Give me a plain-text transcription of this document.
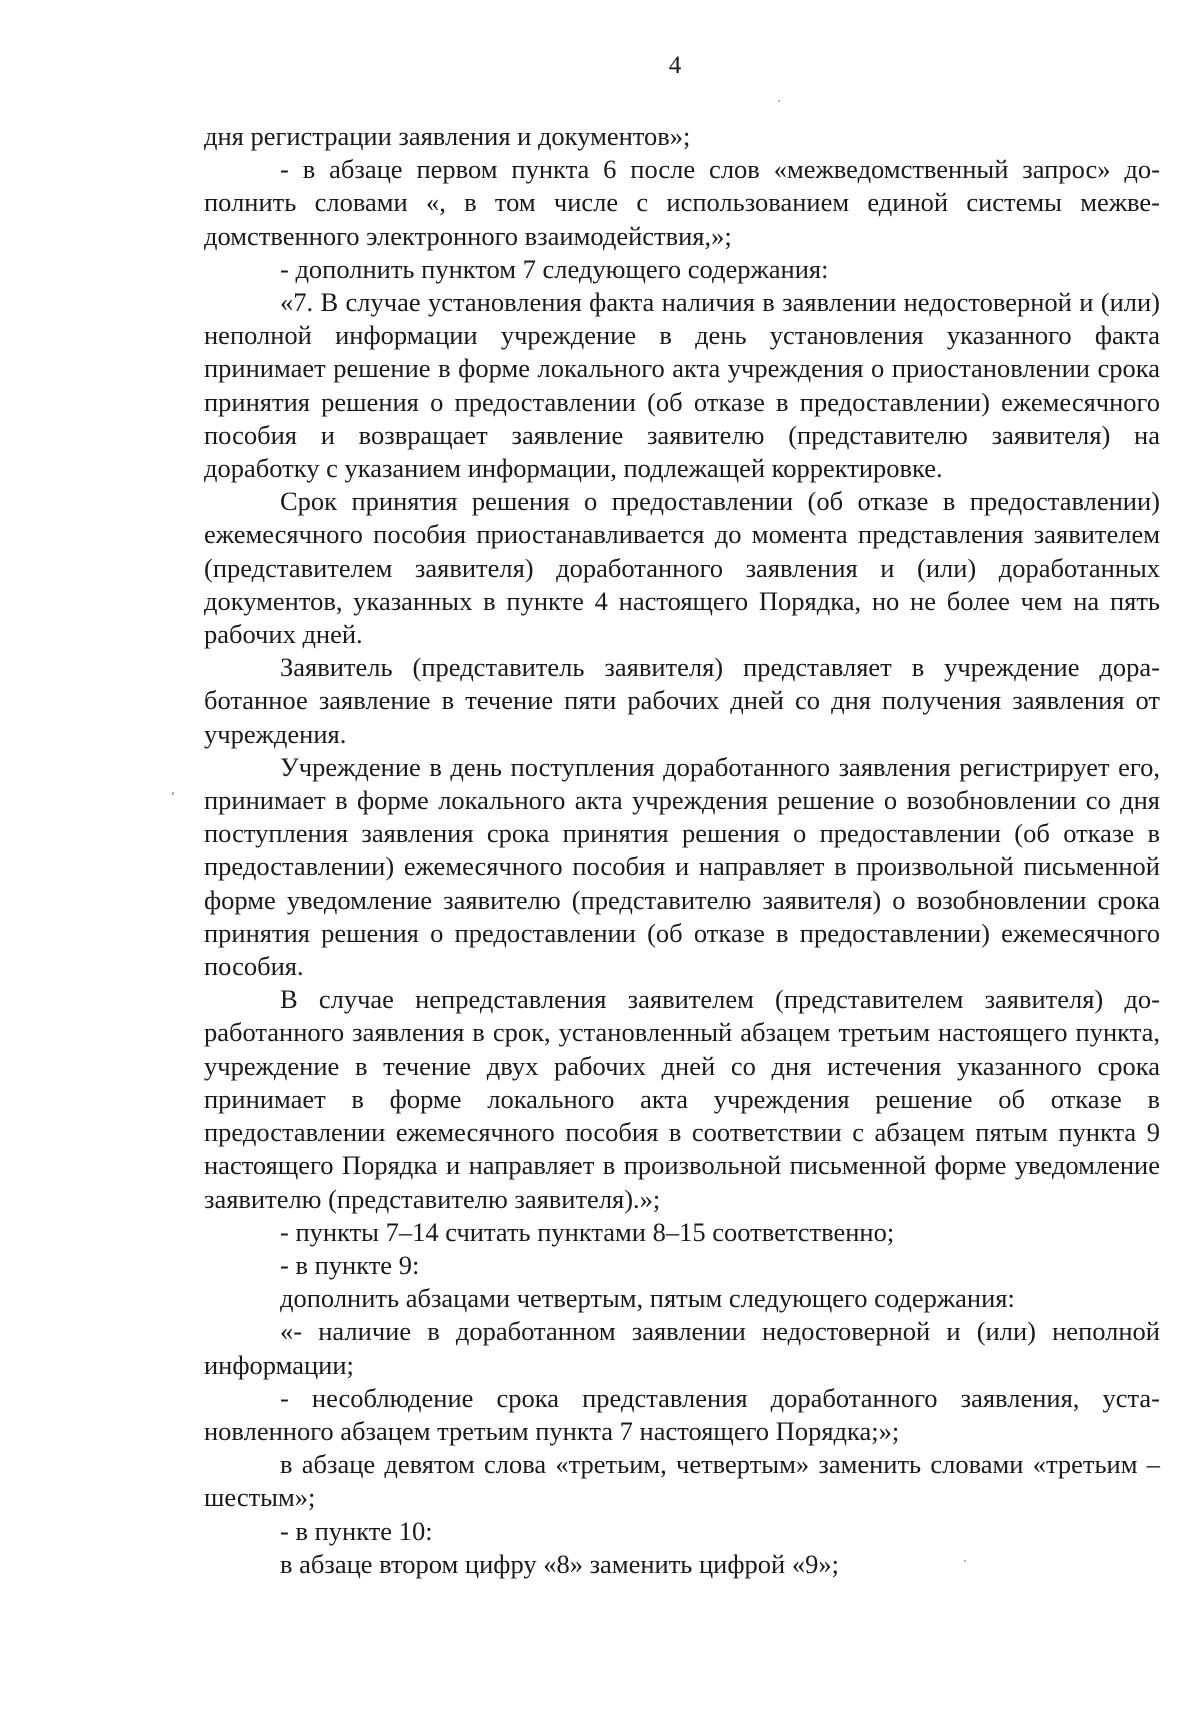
4

дня регистрации заявления и документов»;

- в абзаце первом пункта 6 после слов «межведомственный запрос» дополнить словами «, в том числе с использованием единой системы межведомственного электронного взаимодействия,»;

- дополнить пунктом 7 следующего содержания:

«7. В случае установления факта наличия в заявлении недостоверной и (или) неполной информации учреждение в день установления указанного факта принимает решение в форме локального акта учреждения о приостановлении срока принятия решения о предоставлении (об отказе в предоставлении) ежемесячного пособия и возвращает заявление заявителю (представителю заявителя) на доработку с указанием информации, подлежащей корректировке.

Срок принятия решения о предоставлении (об отказе в предоставлении) ежемесячного пособия приостанавливается до момента представления заявителем (представителем заявителя) доработанного заявления и (или) доработанных документов, указанных в пункте 4 настоящего Порядка, но не более чем на пять рабочих дней.

Заявитель (представитель заявителя) представляет в учреждение доработанное заявление в течение пяти рабочих дней со дня получения заявления от учреждения.

Учреждение в день поступления доработанного заявления регистрирует его, принимает в форме локального акта учреждения решение о возобновлении со дня поступления заявления срока принятия решения о предоставлении (об отказе в предоставлении) ежемесячного пособия и направляет в произвольной письменной форме уведомление заявителю (представителю заявителя) о возобновлении срока принятия решения о предоставлении (об отказе в предоставлении) ежемесячного пособия.

В случае непредставления заявителем (представителем заявителя) доработанного заявления в срок, установленный абзацем третьим настоящего пункта, учреждение в течение двух рабочих дней со дня истечения указанного срока принимает в форме локального акта учреждения решение об отказе в предоставлении ежемесячного пособия в соответствии с абзацем пятым пункта 9 настоящего Порядка и направляет в произвольной письменной форме уведомление заявителю (представителю заявителя).»;

- пункты 7–14 считать пунктами 8–15 соответственно;

- в пункте 9:

дополнить абзацами четвертым, пятым следующего содержания:

«- наличие в доработанном заявлении недостоверной и (или) неполной информации;

- несоблюдение срока представления доработанного заявления, установленного абзацем третьим пункта 7 настоящего Порядка;»;

в абзаце девятом слова «третьим, четвертым» заменить словами «третьим – шестым»;

- в пункте 10:

в абзаце втором цифру «8» заменить цифрой «9»;
